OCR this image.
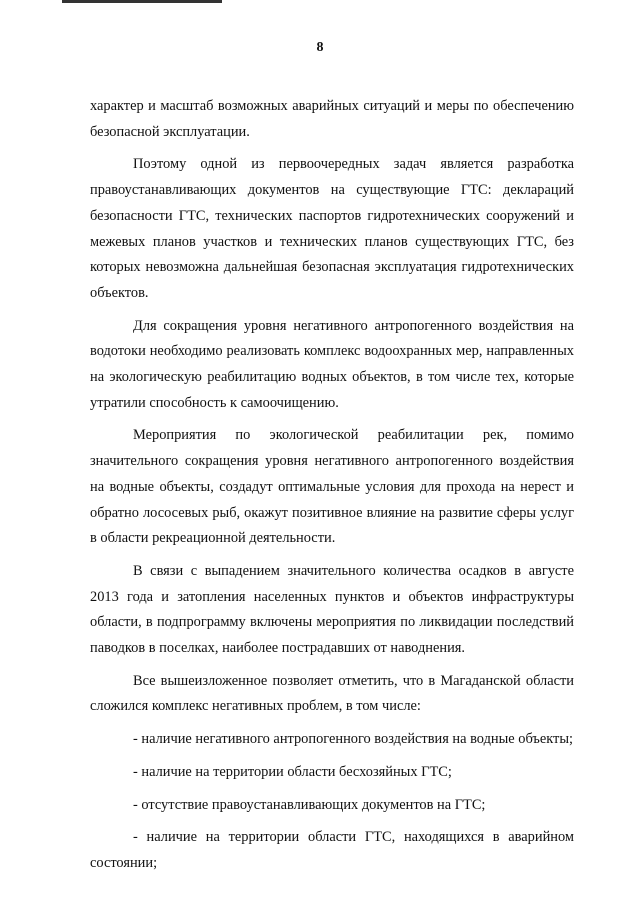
8

характер и масштаб возможных аварийных ситуаций и меры по обеспечению безопасной эксплуатации.

Поэтому одной из первоочередных задач является разработка правоустанавливающих документов на существующие ГТС: деклараций безопасности ГТС, технических паспортов гидротехнических сооружений и межевых планов участков и технических планов существующих ГТС, без которых невозможна дальнейшая безопасная эксплуатация гидротехнических объектов.

Для сокращения уровня негативного антропогенного воздействия на водотоки необходимо реализовать комплекс водоохранных мер, направленных на экологическую реабилитацию водных объектов, в том числе тех, которые утратили способность к самоочищению.

Мероприятия по экологической реабилитации рек, помимо значительного сокращения уровня негативного антропогенного воздействия на водные объекты, создадут оптимальные условия для прохода на нерест и обратно лососевых рыб, окажут позитивное влияние на развитие сферы услуг в области рекреационной деятельности.

В связи с выпадением значительного количества осадков в августе 2013 года и затопления населенных пунктов и объектов инфраструктуры области, в подпрограмму включены мероприятия по ликвидации последствий паводков в поселках, наиболее пострадавших от наводнения.

Все вышеизложенное позволяет отметить, что в Магаданской области сложился комплекс негативных проблем, в том числе:

- наличие негативного антропогенного воздействия на водные объекты;

- наличие на территории области бесхозяйных ГТС;

- отсутствие правоустанавливающих документов на ГТС;

- наличие на территории области ГТС, находящихся в аварийном состоянии;
